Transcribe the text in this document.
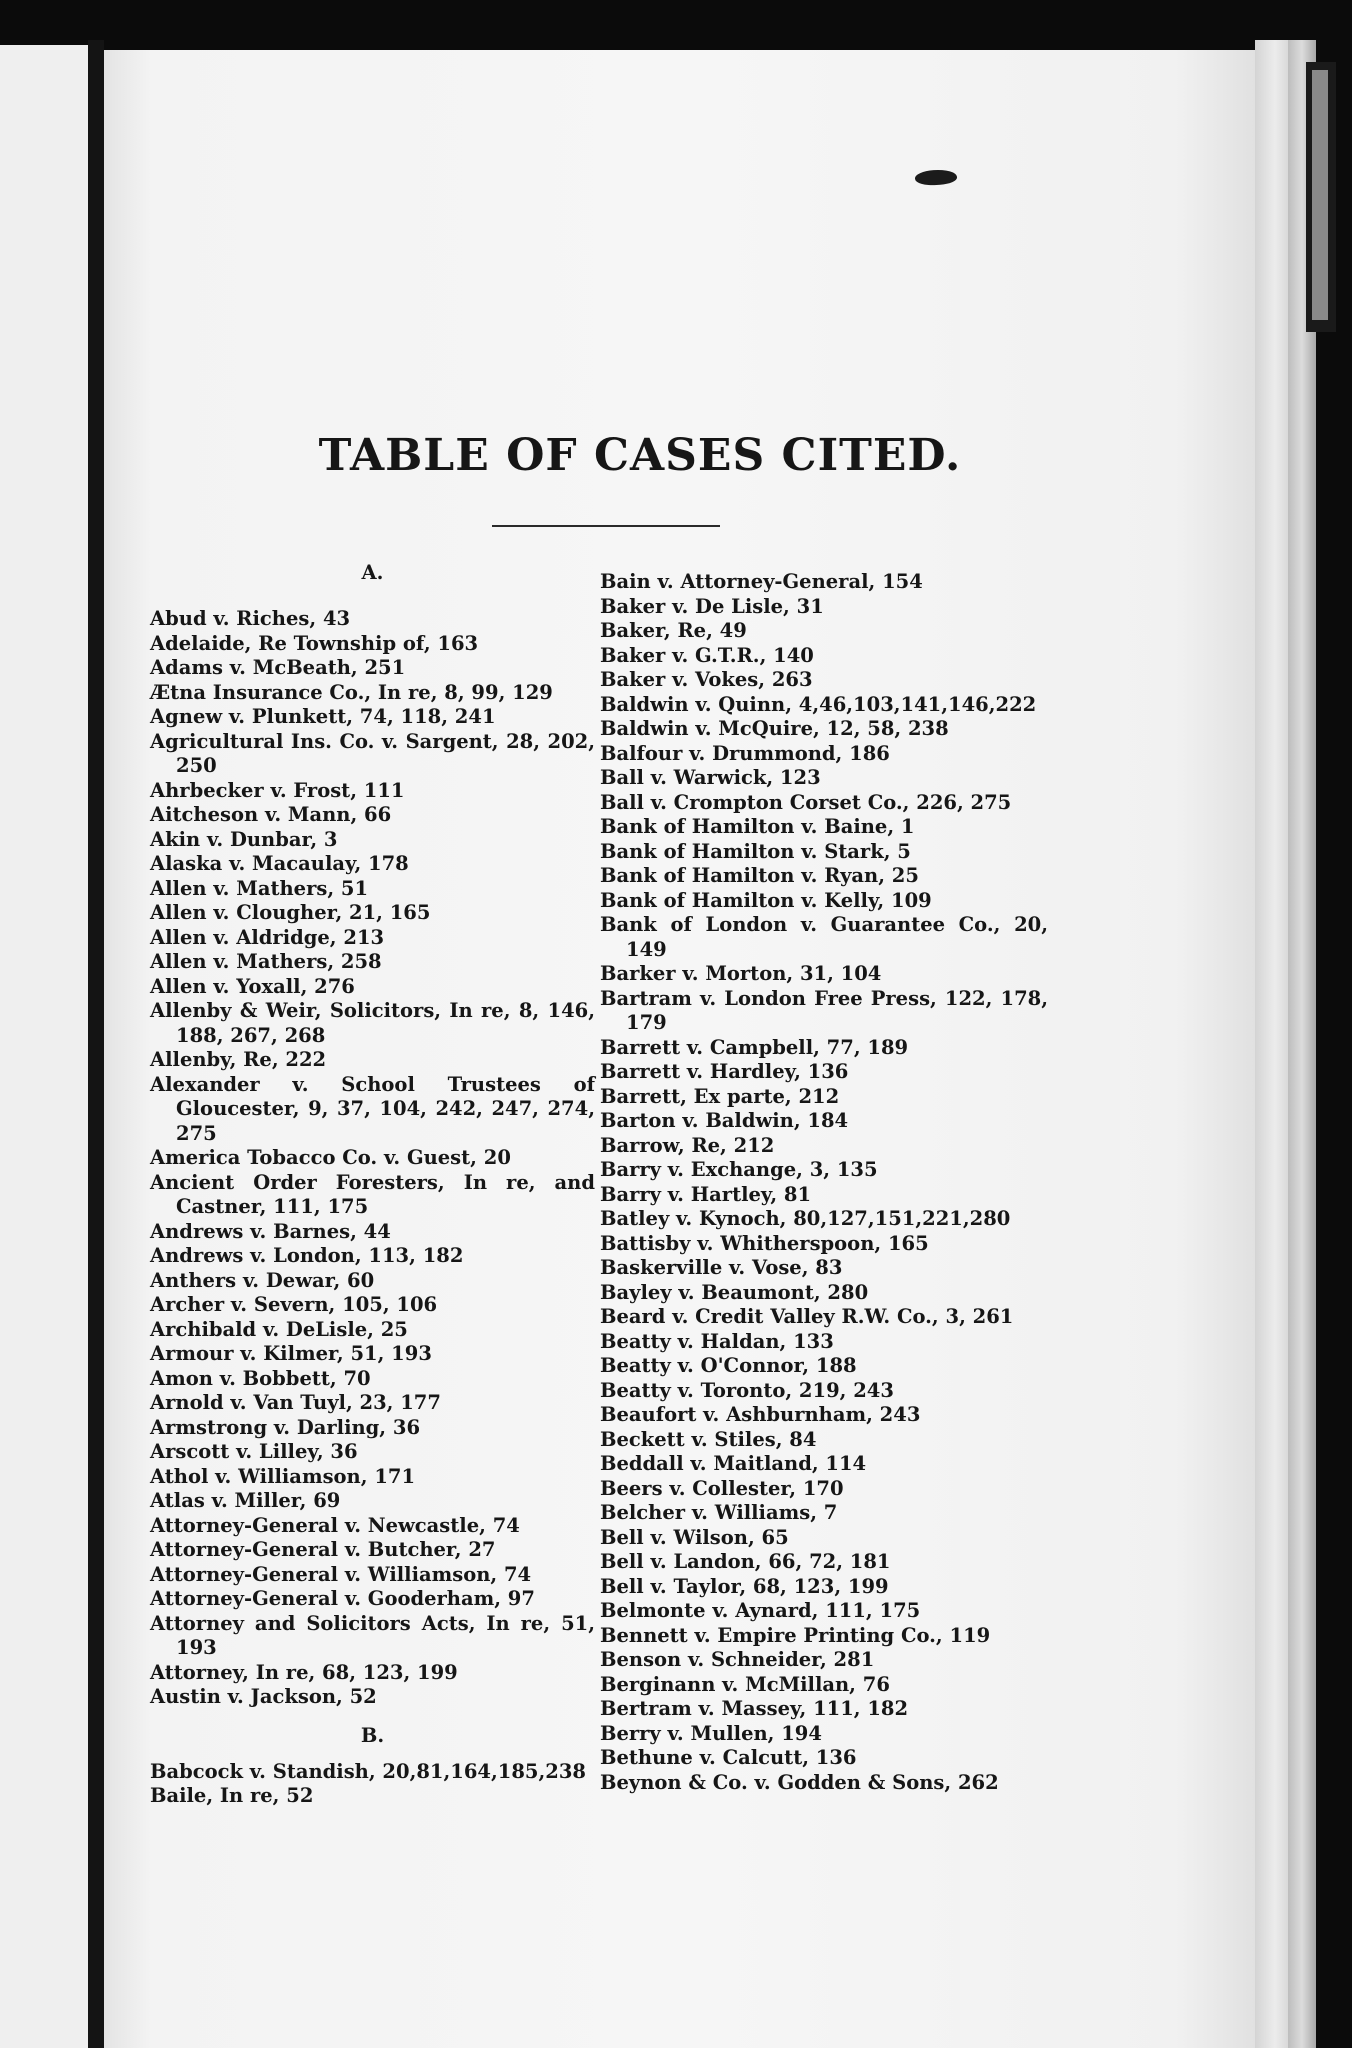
TABLE OF CASES CITED.
A.
Abud v. Riches, 43
Adelaide, Re Township of, 163
Adams v. McBeath, 251
Ætna Insurance Co., In re, 8, 99, 129
Agnew v. Plunkett, 74, 118, 241
Agricultural Ins. Co. v. Sargent, 28, 202, 250
Ahrbecker v. Frost, 111
Aitcheson v. Mann, 66
Akin v. Dunbar, 3
Alaska v. Macaulay, 178
Allen v. Mathers, 51
Allen v. Clougher, 21, 165
Allen v. Aldridge, 213
Allen v. Mathers, 258
Allen v. Yoxall, 276
Allenby & Weir, Solicitors, In re, 8, 146, 188, 267, 268
Allenby, Re, 222
Alexander v. School Trustees of Gloucester, 9, 37, 104, 242, 247, 274, 275
America Tobacco Co. v. Guest, 20
Ancient Order Foresters, In re, and Castner, 111, 175
Andrews v. Barnes, 44
Andrews v. London, 113, 182
Anthers v. Dewar, 60
Archer v. Severn, 105, 106
Archibald v. DeLisle, 25
Armour v. Kilmer, 51, 193
Amon v. Bobbett, 70
Arnold v. Van Tuyl, 23, 177
Armstrong v. Darling, 36
Arscott v. Lilley, 36
Athol v. Williamson, 171
Atlas v. Miller, 69
Attorney-General v. Newcastle, 74
Attorney-General v. Butcher, 27
Attorney-General v. Williamson, 74
Attorney-General v. Gooderham, 97
Attorney and Solicitors Acts, In re, 51, 193
Attorney, In re, 68, 123, 199
Austin v. Jackson, 52
B.
Babcock v. Standish, 20,81,164,185,238
Baile, In re, 52
Bain v. Attorney-General, 154
Baker v. De Lisle, 31
Baker, Re, 49
Baker v. G.T.R., 140
Baker v. Vokes, 263
Baldwin v. Quinn, 4,46,103,141,146,222
Baldwin v. McQuire, 12, 58, 238
Balfour v. Drummond, 186
Ball v. Warwick, 123
Ball v. Crompton Corset Co., 226, 275
Bank of Hamilton v. Baine, 1
Bank of Hamilton v. Stark, 5
Bank of Hamilton v. Ryan, 25
Bank of Hamilton v. Kelly, 109
Bank of London v. Guarantee Co., 20, 149
Barker v. Morton, 31, 104
Bartram v. London Free Press, 122, 178, 179
Barrett v. Campbell, 77, 189
Barrett v. Hardley, 136
Barrett, Ex parte, 212
Barton v. Baldwin, 184
Barrow, Re, 212
Barry v. Exchange, 3, 135
Barry v. Hartley, 81
Batley v. Kynoch, 80,127,151,221,280
Battisby v. Whitherspoon, 165
Baskerville v. Vose, 83
Bayley v. Beaumont, 280
Beard v. Credit Valley R.W. Co., 3, 261
Beatty v. Haldan, 133
Beatty v. O'Connor, 188
Beatty v. Toronto, 219, 243
Beaufort v. Ashburnham, 243
Beckett v. Stiles, 84
Beddall v. Maitland, 114
Beers v. Collester, 170
Belcher v. Williams, 7
Bell v. Wilson, 65
Bell v. Landon, 66, 72, 181
Bell v. Taylor, 68, 123, 199
Belmonte v. Aynard, 111, 175
Bennett v. Empire Printing Co., 119
Benson v. Schneider, 281
Berginann v. McMillan, 76
Bertram v. Massey, 111, 182
Berry v. Mullen, 194
Bethune v. Calcutt, 136
Beynon & Co. v. Godden & Sons, 262
